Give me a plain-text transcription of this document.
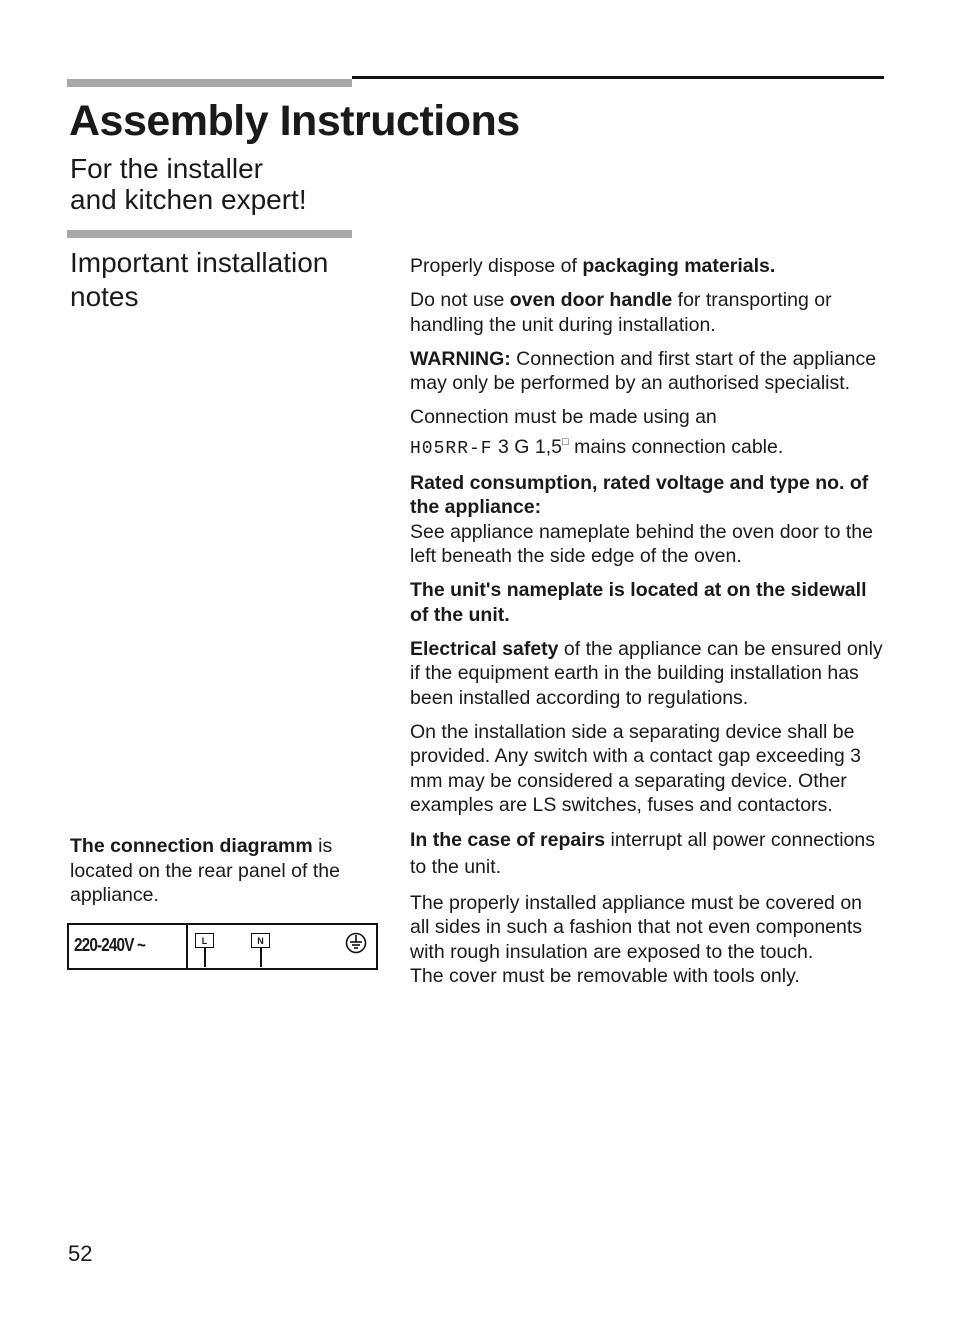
Assembly Instructions
For the installer
and kitchen expert!
Important installation
notes

Properly dispose of packaging materials.

Do not use oven door handle for transporting or handling the unit during installation.

WARNING: Connection and first start of the appliance may only be performed by an authorised specialist.

Connection must be made using an
H05RR-F 3 G 1,5□ mains connection cable.

Rated consumption, rated voltage and type no. of the appliance:
See appliance nameplate behind the oven door to the left beneath the side edge of the oven.

The unit's nameplate is located at on the sidewall of the unit.

Electrical safety of the appliance can be ensured only if the equipment earth in the building installation has been installed according to regulations.

On the installation side a separating device shall be provided. Any switch with a contact gap exceeding 3 mm may be considered a separating device. Other examples are LS switches, fuses and contactors.

In the case of repairs interrupt all power connections to the unit.

The properly installed appliance must be covered on all sides in such a fashion that not even components with rough insulation are exposed to the touch.
The cover must be removable with tools only.

The connection diagramm is located on the rear panel of the appliance.

220-240V ~	L	N
52
